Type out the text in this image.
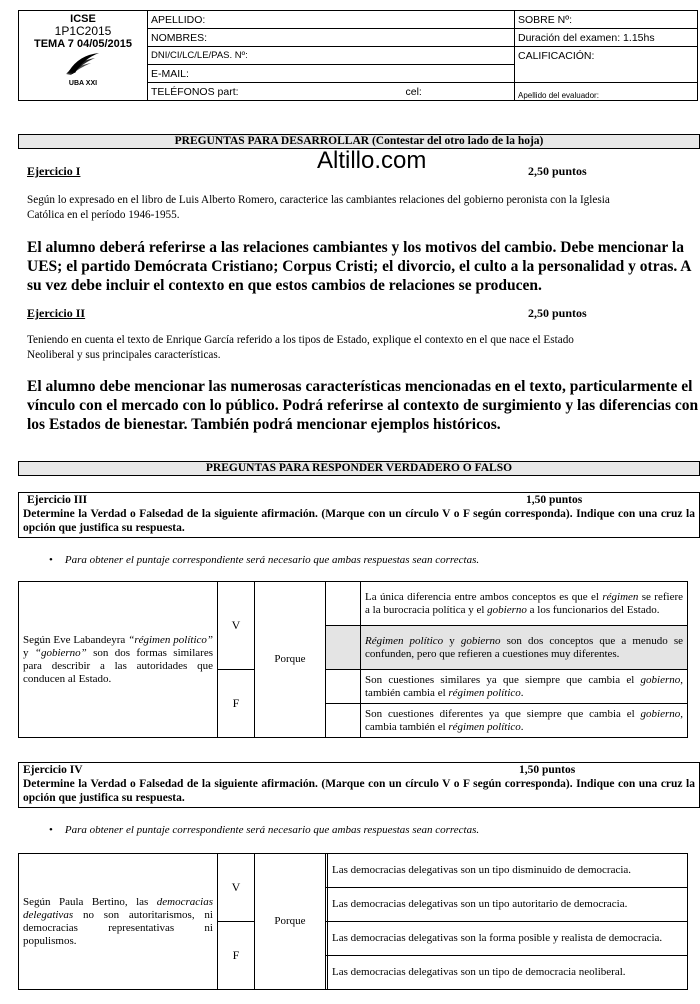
ICSE
1P1C2015
TEMA 7 04/05/2015
UBA XXI	APELLIDO:	SOBRE Nº:
	NOMBRES:	Duración del examen: 1.15hs
	DNI/CI/LC/LE/PAS. Nº:	CALIFICACIÓN:
	E-MAIL:	
	TELÉFONOS part: cel:	Apellido del evaluador:
PREGUNTAS PARA DESARROLLAR (Contestar del otro lado de la hoja)
Altillo.com
Ejercicio I	2,50 puntos
Según lo expresado en el libro de Luis Alberto Romero, caracterice las cambiantes relaciones del gobierno peronista con la Iglesia
Católica en el período 1946-1955.
El alumno deberá referirse a las relaciones cambiantes y los motivos del cambio. Debe mencionar la
UES; el partido Demócrata Cristiano; Corpus Cristi; el divorcio, el culto a la personalidad y otras. A
su vez debe incluir el contexto en que estos cambios de relaciones se producen.
Ejercicio II	2,50 puntos
Teniendo en cuenta el texto de Enrique García referido a los tipos de Estado, explique el contexto en el que nace el Estado
Neoliberal y sus principales características.
El alumno debe mencionar las numerosas características mencionadas en el texto, particularmente el
vínculo con el mercado con lo público. Podrá referirse al contexto de surgimiento y las diferencias con
los Estados de bienestar. También podrá mencionar ejemplos históricos.
PREGUNTAS PARA RESPONDER VERDADERO O FALSO
Ejercicio III	1,50 puntos
Determine la Verdad o Falsedad de la siguiente afirmación. (Marque con un círculo V o F según corresponda). Indique con una cruz la opción que justifica su respuesta.
• Para obtener el puntaje correspondiente será necesario que ambas respuestas sean correctas.
Según Eve Labandeyra “régimen político” y “gobierno” son dos formas similares para describir a las autoridades que conducen al Estado.	V	Porque		La única diferencia entre ambos conceptos es que el régimen se refiere a la burocracia política y el gobierno a los funcionarios del Estado.
				Régimen político y gobierno son dos conceptos que a menudo se confunden, pero que refieren a cuestiones muy diferentes.
	F			Son cuestiones similares ya que siempre que cambia el gobierno, también cambia el régimen político.
				Son cuestiones diferentes ya que siempre que cambia el gobierno, cambia también el régimen político.
Ejercicio IV	1,50 puntos
Determine la Verdad o Falsedad de la siguiente afirmación. (Marque con un círculo V o F según corresponda). Indique con una cruz la opción que justifica su respuesta.
• Para obtener el puntaje correspondiente será necesario que ambas respuestas sean correctas.
Según Paula Bertino, las democracias delegativas no son autoritarismos, ni democracias representativas ni populismos.	V	Porque		Las democracias delegativas son un tipo disminuido de democracia.
				Las democracias delegativas son un tipo autoritario de democracia.
	F			Las democracias delegativas son la forma posible y realista de democracia.
				Las democracias delegativas son un tipo de democracia neoliberal.
